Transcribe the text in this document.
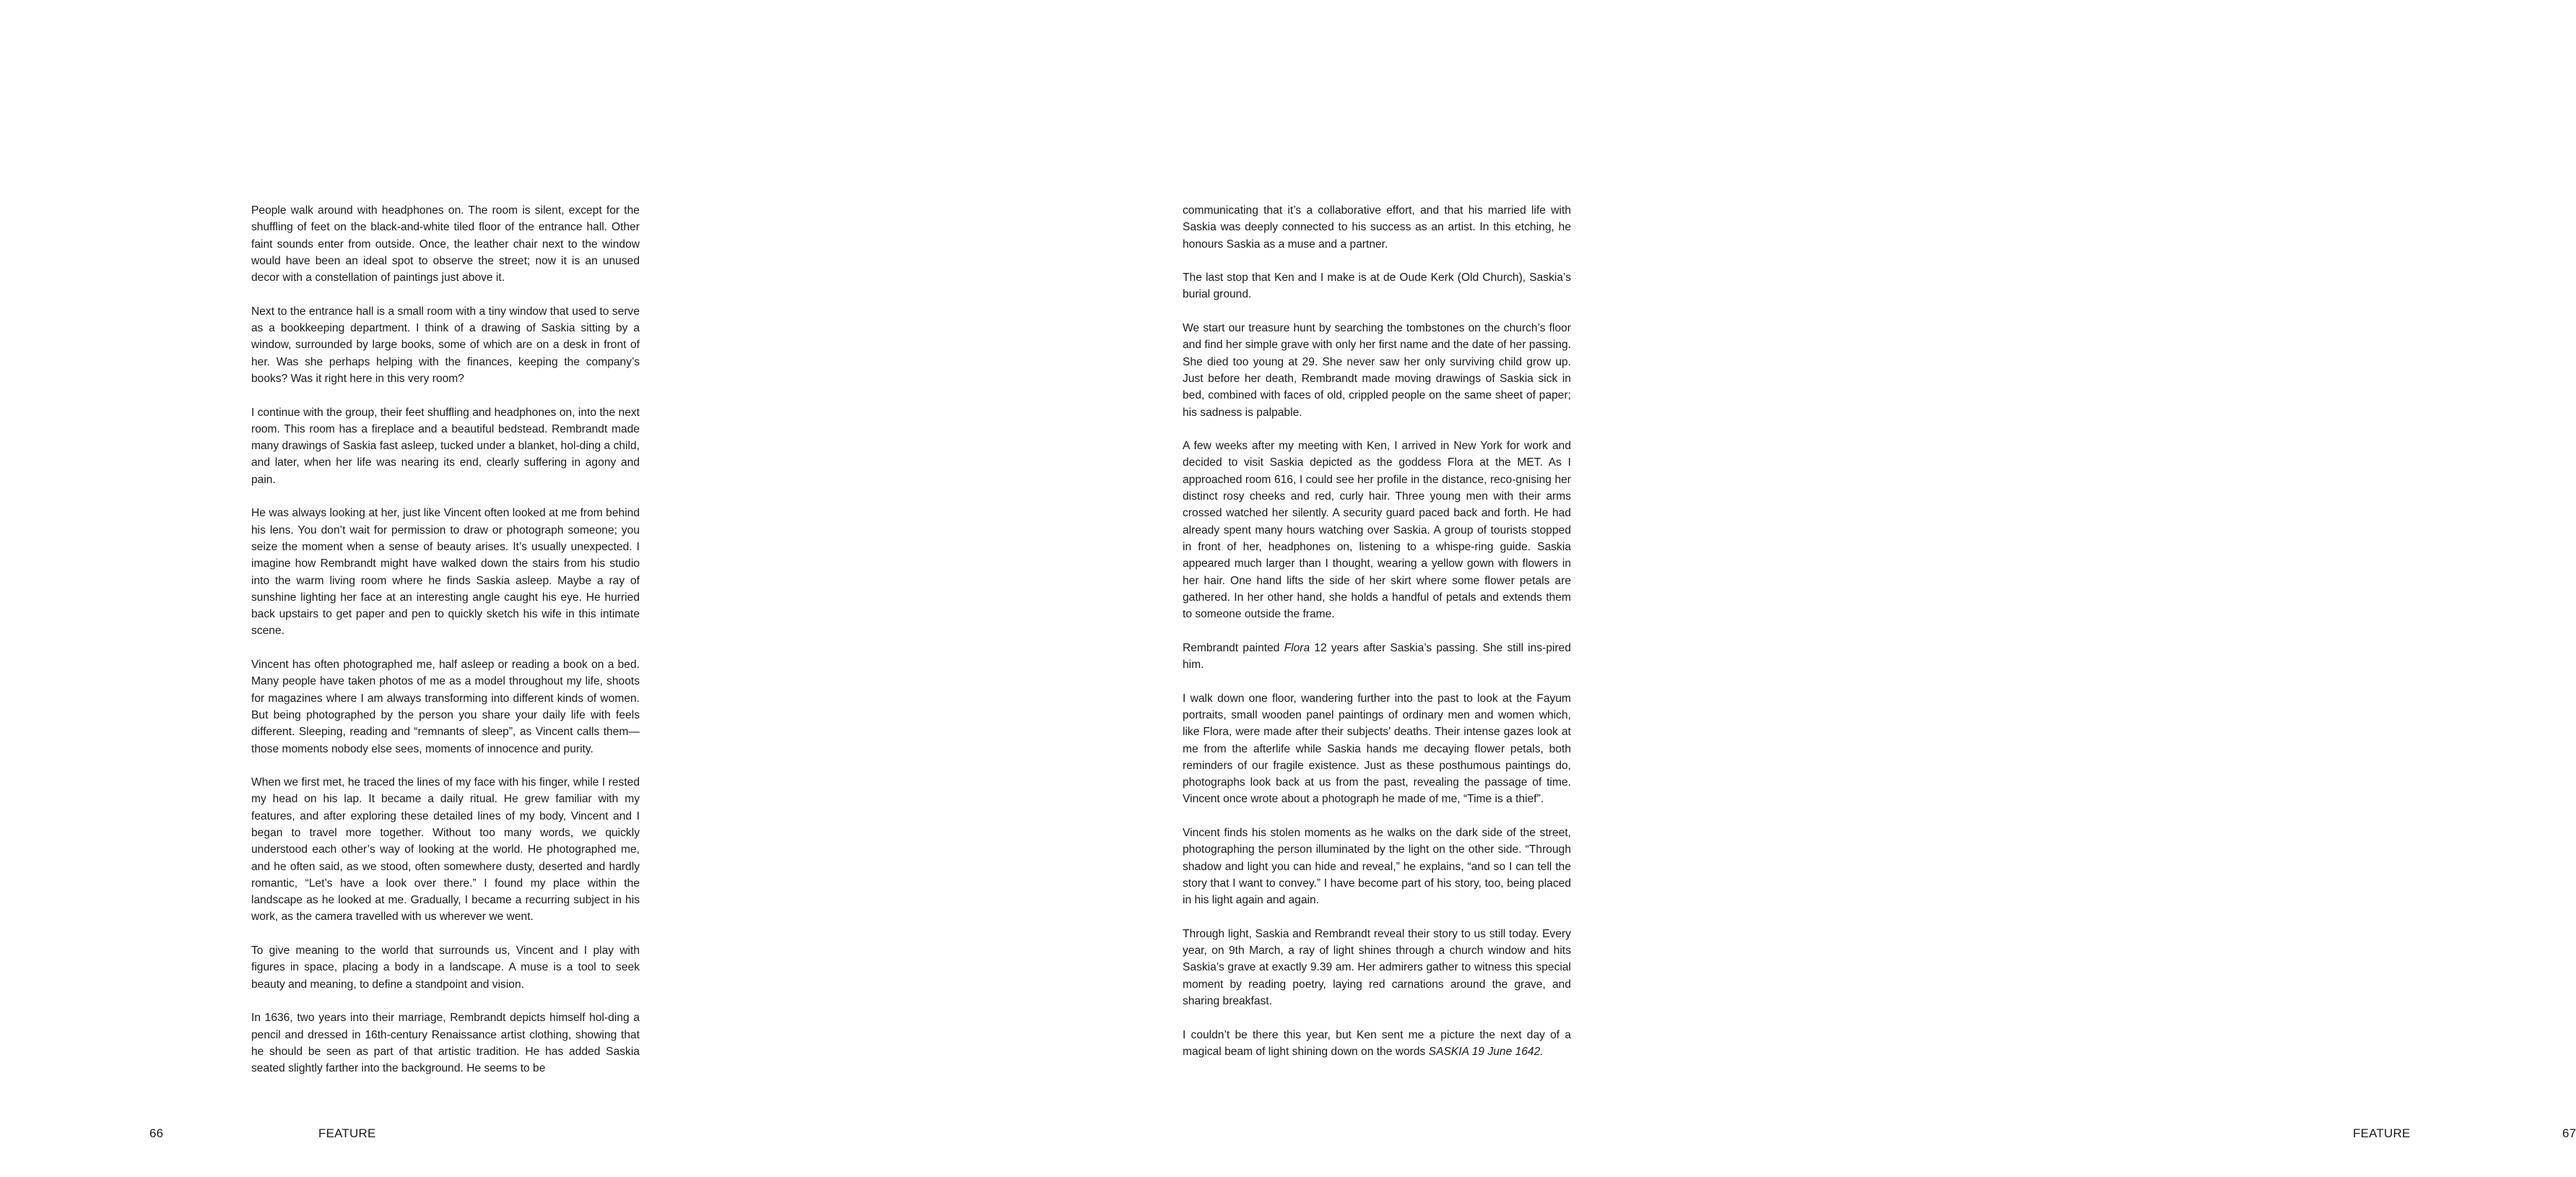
People walk around with headphones on. The room is silent, except for the shuffling of feet on the black-and-white tiled floor of the entrance hall. Other faint sounds enter from outside. Once, the leather chair next to the window would have been an ideal spot to observe the street; now it is an unused decor with a constellation of paintings just above it.

Next to the entrance hall is a small room with a tiny window that used to serve as a bookkeeping department. I think of a drawing of Saskia sitting by a window, surrounded by large books, some of which are on a desk in front of her. Was she perhaps helping with the finances, keeping the company’s books? Was it right here in this very room?

I continue with the group, their feet shuffling and headphones on, into the next room. This room has a fireplace and a beautiful bedstead. Rembrandt made many drawings of Saskia fast asleep, tucked under a blanket, hol-ding a child, and later, when her life was nearing its end, clearly suffering in agony and pain.

He was always looking at her, just like Vincent often looked at me from behind his lens. You don’t wait for permission to draw or photograph someone; you seize the moment when a sense of beauty arises. It’s usually unexpected. I imagine how Rembrandt might have walked down the stairs from his studio into the warm living room where he finds Saskia asleep. Maybe a ray of sunshine lighting her face at an interesting angle caught his eye. He hurried back upstairs to get paper and pen to quickly sketch his wife in this intimate scene.

Vincent has often photographed me, half asleep or reading a book on a bed. Many people have taken photos of me as a model throughout my life, shoots for magazines where I am always transforming into different kinds of women. But being photographed by the person you share your daily life with feels different. Sleeping, reading and “remnants of sleep”, as Vincent calls them—those moments nobody else sees, moments of innocence and purity.

When we first met, he traced the lines of my face with his finger, while I rested my head on his lap. It became a daily ritual. He grew familiar with my features, and after exploring these detailed lines of my body, Vincent and I began to travel more together. Without too many words, we quickly understood each other’s way of looking at the world. He photographed me, and he often said, as we stood, often somewhere dusty, deserted and hardly romantic, “Let’s have a look over there.” I found my place within the landscape as he looked at me. Gradually, I became a recurring subject in his work, as the camera travelled with us wherever we went.

To give meaning to the world that surrounds us, Vincent and I play with figures in space, placing a body in a landscape. A muse is a tool to seek beauty and meaning, to define a standpoint and vision.

In 1636, two years into their marriage, Rembrandt depicts himself hol-ding a pencil and dressed in 16th-century Renaissance artist clothing, showing that he should be seen as part of that artistic tradition. He has added Saskia seated slightly farther into the background. He seems to be

66	FEATURE

communicating that it’s a collaborative effort, and that his married life with Saskia was deeply connected to his success as an artist. In this etching, he honours Saskia as a muse and a partner.

The last stop that Ken and I make is at de Oude Kerk (Old Church), Saskia’s burial ground.

We start our treasure hunt by searching the tombstones on the church’s floor and find her simple grave with only her first name and the date of her passing. She died too young at 29. She never saw her only surviving child grow up. Just before her death, Rembrandt made moving drawings of Saskia sick in bed, combined with faces of old, crippled people on the same sheet of paper; his sadness is palpable.

A few weeks after my meeting with Ken, I arrived in New York for work and decided to visit Saskia depicted as the goddess Flora at the MET. As I approached room 616, I could see her profile in the distance, reco-gnising her distinct rosy cheeks and red, curly hair. Three young men with their arms crossed watched her silently. A security guard paced back and forth. He had already spent many hours watching over Saskia. A group of tourists stopped in front of her, headphones on, listening to a whispe-ring guide. Saskia appeared much larger than I thought, wearing a yellow gown with flowers in her hair. One hand lifts the side of her skirt where some flower petals are gathered. In her other hand, she holds a handful of petals and extends them to someone outside the frame.

Rembrandt painted Flora 12 years after Saskia’s passing. She still ins-pired him.

I walk down one floor, wandering further into the past to look at the Fayum portraits, small wooden panel paintings of ordinary men and women which, like Flora, were made after their subjects’ deaths. Their intense gazes look at me from the afterlife while Saskia hands me decaying flower petals, both reminders of our fragile existence. Just as these posthumous paintings do, photographs look back at us from the past, revealing the passage of time. Vincent once wrote about a photograph he made of me, “Time is a thief”.

Vincent finds his stolen moments as he walks on the dark side of the street, photographing the person illuminated by the light on the other side. “Through shadow and light you can hide and reveal,” he explains, “and so I can tell the story that I want to convey.” I have become part of his story, too, being placed in his light again and again.

Through light, Saskia and Rembrandt reveal their story to us still today. Every year, on 9th March, a ray of light shines through a church window and hits Saskia’s grave at exactly 9.39 am. Her admirers gather to witness this special moment by reading poetry, laying red carnations around the grave, and sharing breakfast.

I couldn’t be there this year, but Ken sent me a picture the next day of a magical beam of light shining down on the words SASKIA 19 June 1642.

FEATURE	67
